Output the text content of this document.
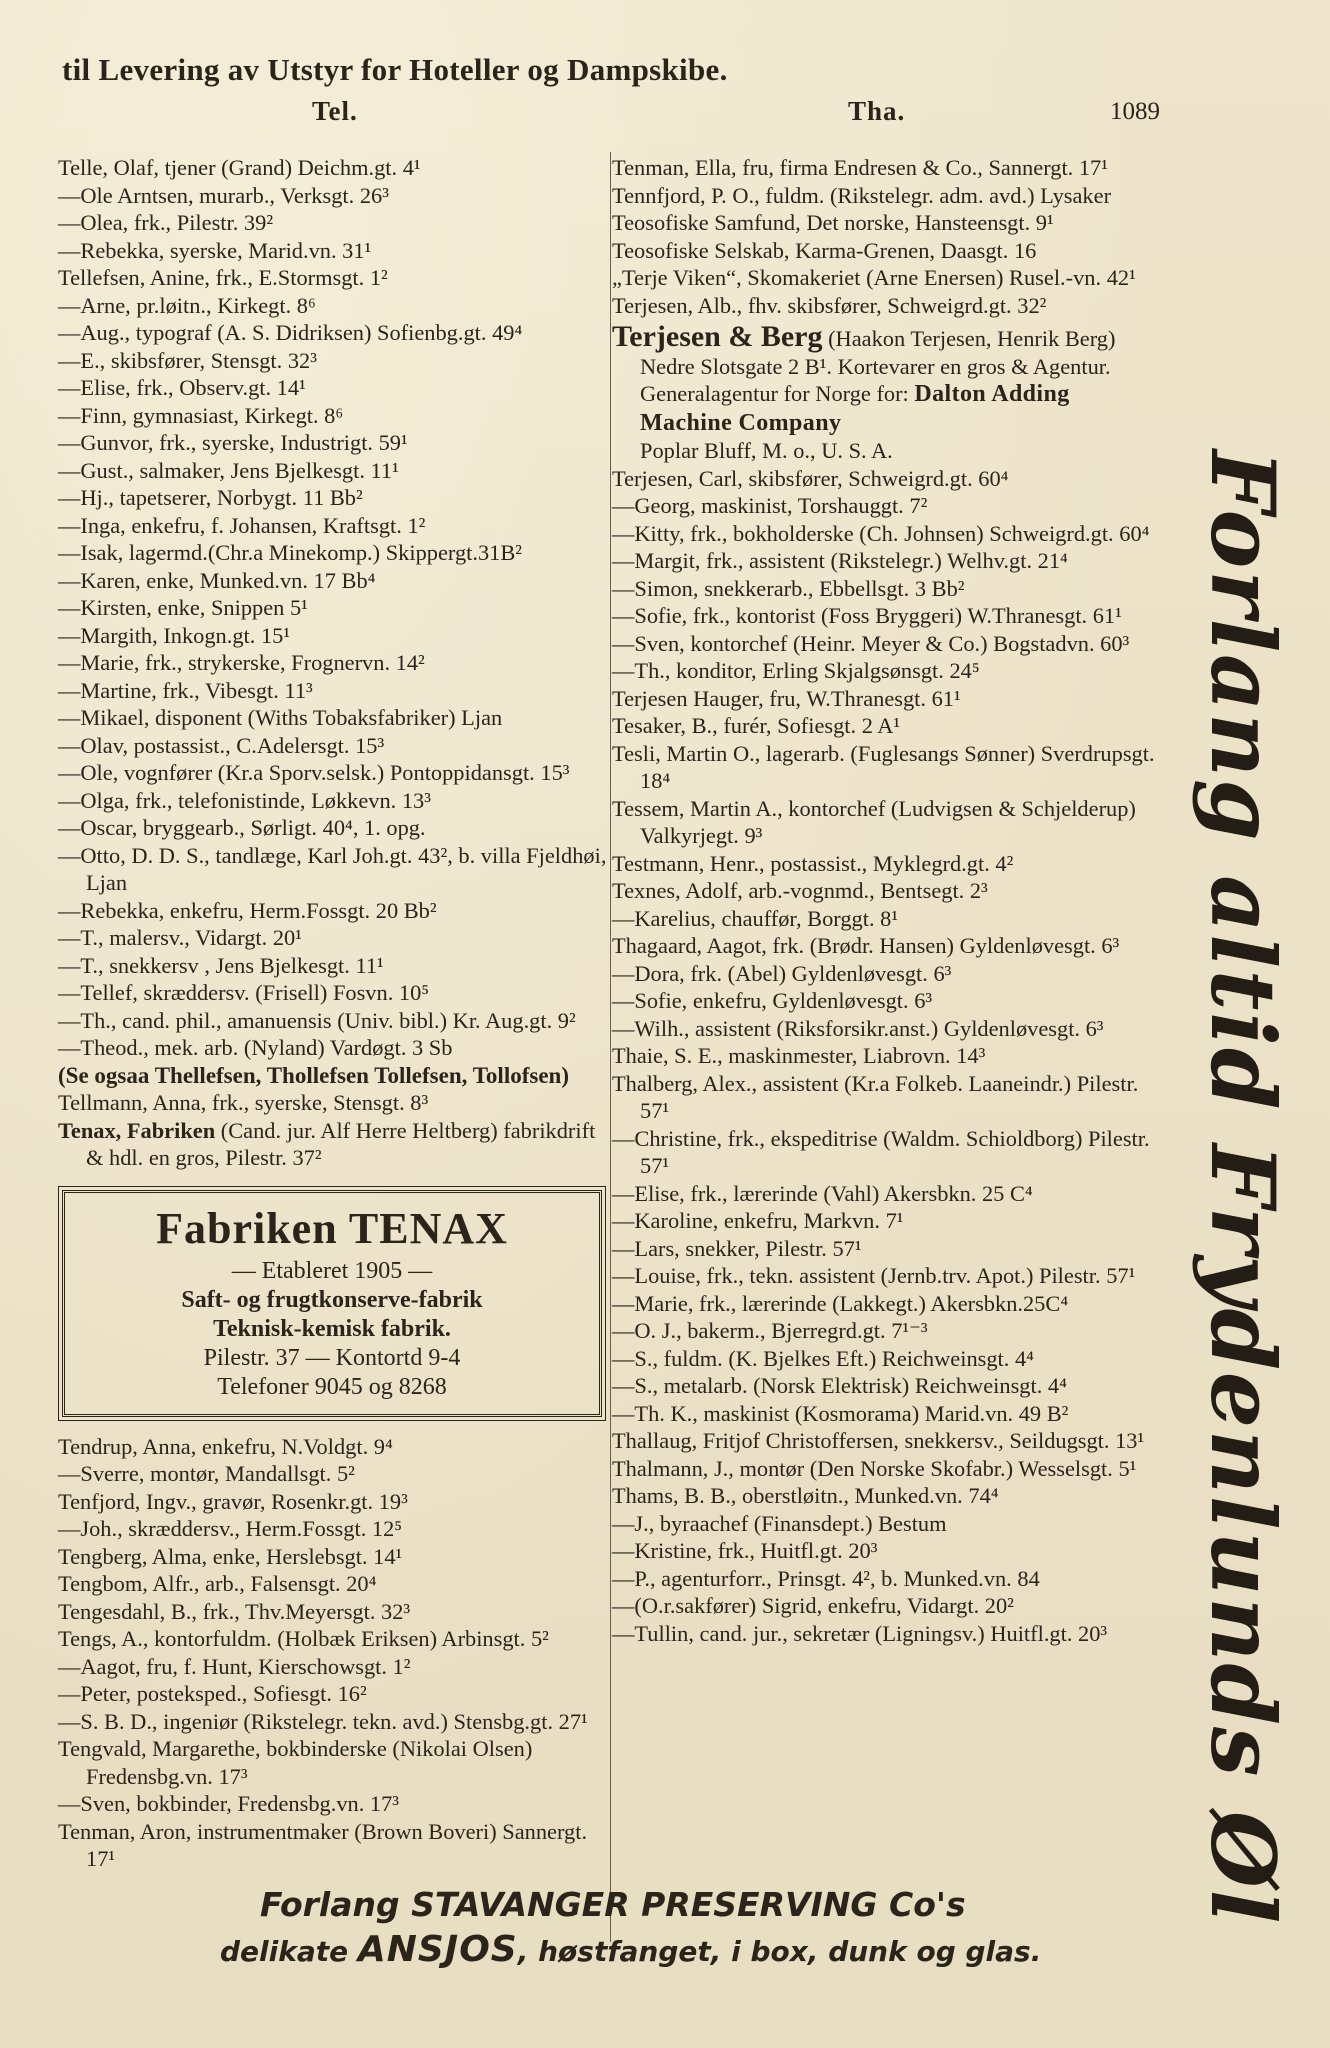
til Levering av Utstyr for Hoteller og Dampskibe.
Tel.	Tha.	1089
Telle, Olaf, tjener (Grand) Deichm.gt. 4¹
—Ole Arntsen, murarb., Verksgt. 26³
—Olea, frk., Pilestr. 39²
—Rebekka, syerske, Marid.vn. 31¹
Tellefsen, Anine, frk., E.Stormsgt. 1²
—Arne, pr.løitn., Kirkegt. 8⁶
—Aug., typograf (A. S. Didriksen) Sofienbg.gt. 49⁴
—E., skibsfører, Stensgt. 32³
—Elise, frk., Observ.gt. 14¹
—Finn, gymnasiast, Kirkegt. 8⁶
—Gunvor, frk., syerske, Industrigt. 59¹
—Gust., salmaker, Jens Bjelkesgt. 11¹
—Hj., tapetserer, Norbygt. 11 Bb²
—Inga, enkefru, f. Johansen, Kraftsgt. 1²
—Isak, lagermd.(Chr.a Minekomp.) Skippergt.31B²
—Karen, enke, Munked.vn. 17 Bb⁴
—Kirsten, enke, Snippen 5¹
—Margith, Inkogn.gt. 15¹
—Marie, frk., strykerske, Frognervn. 14²
—Martine, frk., Vibesgt. 11³
—Mikael, disponent (Withs Tobaksfabriker) Ljan
—Olav, postassist., C.Adelersgt. 15³
—Ole, vognfører (Kr.a Sporv.selsk.) Pontoppidansgt. 15³
—Olga, frk., telefonistinde, Løkkevn. 13³
—Oscar, bryggearb., Sørligt. 40⁴, 1. opg.
—Otto, D. D. S., tandlæge, Karl Joh.gt. 43², b. villa Fjeldhøi, Ljan
—Rebekka, enkefru, Herm.Fossgt. 20 Bb²
—T., malersv., Vidargt. 20¹
—T., snekkersv , Jens Bjelkesgt. 11¹
—Tellef, skræddersv. (Frisell) Fosvn. 10⁵
—Th., cand. phil., amanuensis (Univ. bibl.) Kr. Aug.gt. 9²
—Theod., mek. arb. (Nyland) Vardøgt. 3 Sb
(Se ogsaa Thellefsen, Thollefsen Tollefsen, Tollofsen)
Tellmann, Anna, frk., syerske, Stensgt. 8³
Tenax, Fabriken (Cand. jur. Alf Herre Heltberg) fabrikdrift & hdl. en gros, Pilestr. 37²
Fabriken TENAX
— Etableret 1905 —
Saft- og frugtkonserve-fabrik
Teknisk-kemisk fabrik.
Pilestr. 37 — Kontortd 9-4
Telefoner 9045 og 8268
Tendrup, Anna, enkefru, N.Voldgt. 9⁴
—Sverre, montør, Mandallsgt. 5²
Tenfjord, Ingv., gravør, Rosenkr.gt. 19³
—Joh., skræddersv., Herm.Fossgt. 12⁵
Tengberg, Alma, enke, Herslebsgt. 14¹
Tengbom, Alfr., arb., Falsensgt. 20⁴
Tengesdahl, B., frk., Thv.Meyersgt. 32³
Tengs, A., kontorfuldm. (Holbæk Eriksen) Arbinsgt. 5²
—Aagot, fru, f. Hunt, Kierschowsgt. 1²
—Peter, posteksped., Sofiesgt. 16²
—S. B. D., ingeniør (Rikstelegr. tekn. avd.) Stensbg.gt. 27¹
Tengvald, Margarethe, bokbinderske (Nikolai Olsen) Fredensbg.vn. 17³
—Sven, bokbinder, Fredensbg.vn. 17³
Tenman, Aron, instrumentmaker (Brown Boveri) Sannergt. 17¹
Tenman, Ella, fru, firma Endresen & Co., Sannergt. 17¹
Tennfjord, P. O., fuldm. (Rikstelegr. adm. avd.) Lysaker
Teosofiske Samfund, Det norske, Hansteensgt. 9¹
Teosofiske Selskab, Karma-Grenen, Daasgt. 16
„Terje Viken“, Skomakeriet (Arne Enersen) Rusel.-vn. 42¹
Terjesen, Alb., fhv. skibsfører, Schweigrd.gt. 32²
Terjesen & Berg (Haakon Terjesen, Henrik Berg) Nedre Slotsgate 2 B¹. Kortevarer en gros & Agentur. Generalagentur for Norge for: Dalton Adding Machine Company
Poplar Bluff, M. o., U. S. A.
Terjesen, Carl, skibsfører, Schweigrd.gt. 60⁴
—Georg, maskinist, Torshauggt. 7²
—Kitty, frk., bokholderske (Ch. Johnsen) Schweigrd.gt. 60⁴
—Margit, frk., assistent (Rikstelegr.) Welhv.gt. 21⁴
—Simon, snekkerarb., Ebbellsgt. 3 Bb²
—Sofie, frk., kontorist (Foss Bryggeri) W.Thranesgt. 61¹
—Sven, kontorchef (Heinr. Meyer & Co.) Bogstadvn. 60³
—Th., konditor, Erling Skjalgsønsgt. 24⁵
Terjesen Hauger, fru, W.Thranesgt. 61¹
Tesaker, B., furér, Sofiesgt. 2 A¹
Tesli, Martin O., lagerarb. (Fuglesangs Sønner) Sverdrupsgt. 18⁴
Tessem, Martin A., kontorchef (Ludvigsen & Schjelderup) Valkyrjegt. 9³
Testmann, Henr., postassist., Myklegrd.gt. 4²
Texnes, Adolf, arb.-vognmd., Bentsegt. 2³
—Karelius, chauffør, Borggt. 8¹
Thagaard, Aagot, frk. (Brødr. Hansen) Gyldenløvesgt. 6³
—Dora, frk. (Abel) Gyldenløvesgt. 6³
—Sofie, enkefru, Gyldenløvesgt. 6³
—Wilh., assistent (Riksforsikr.anst.) Gyldenløvesgt. 6³
Thaie, S. E., maskinmester, Liabrovn. 14³
Thalberg, Alex., assistent (Kr.a Folkeb. Laaneindr.) Pilestr. 57¹
—Christine, frk., ekspeditrise (Waldm. Schioldborg) Pilestr. 57¹
—Elise, frk., lærerinde (Vahl) Akersbkn. 25 C⁴
—Karoline, enkefru, Markvn. 7¹
—Lars, snekker, Pilestr. 57¹
—Louise, frk., tekn. assistent (Jernb.trv. Apot.) Pilestr. 57¹
—Marie, frk., lærerinde (Lakkegt.) Akersbkn.25C⁴
—O. J., bakerm., Bjerregrd.gt. 7¹⁻³
—S., fuldm. (K. Bjelkes Eft.) Reichweinsgt. 4⁴
—S., metalarb. (Norsk Elektrisk) Reichweinsgt. 4⁴
—Th. K., maskinist (Kosmorama) Marid.vn. 49 B²
Thallaug, Fritjof Christoffersen, snekkersv., Seildugsgt. 13¹
Thalmann, J., montør (Den Norske Skofabr.) Wesselsgt. 5¹
Thams, B. B., oberstløitn., Munked.vn. 74⁴
—J., byraachef (Finansdept.) Bestum
—Kristine, frk., Huitfl.gt. 20³
—P., agenturforr., Prinsgt. 4², b. Munked.vn. 84
—(O.r.sakfører) Sigrid, enkefru, Vidargt. 20²
—Tullin, cand. jur., sekretær (Ligningsv.) Huitfl.gt. 20³ Forlang altid Frydenlunds Øl
Forlang STAVANGER PRESERVING Co's
delikate ANSJOS, høstfanget, i box, dunk og glas.
